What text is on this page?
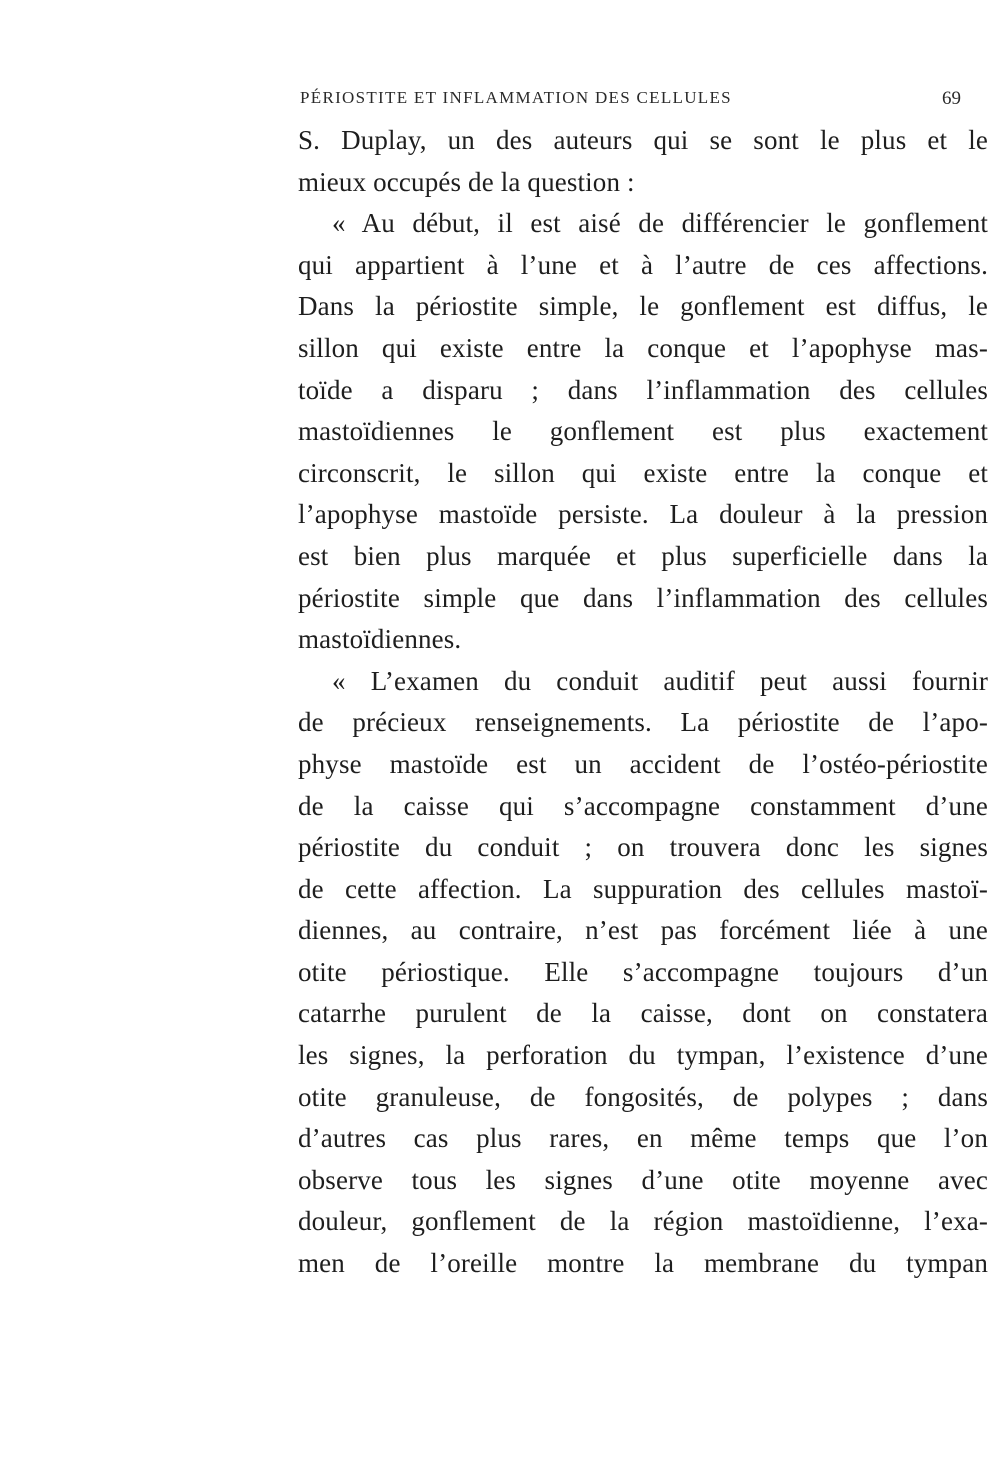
PÉRIOSTITE ET INFLAMMATION DES CELLULES	69
S. Duplay, un des auteurs qui se sont le plus et le
mieux occupés de la question :
« Au début, il est aisé de différencier le gonflement
qui appartient à l’une et à l’autre de ces affections.
Dans la périostite simple, le gonflement est diffus, le
sillon qui existe entre la conque et l’apophyse mas-
toïde a disparu ; dans l’inflammation des cellules
mastoïdiennes le gonflement est plus exactement
circonscrit, le sillon qui existe entre la conque et
l’apophyse mastoïde persiste. La douleur à la pression
est bien plus marquée et plus superficielle dans la
périostite simple que dans l’inflammation des cellules
mastoïdiennes.
« L’examen du conduit auditif peut aussi fournir
de précieux renseignements. La périostite de l’apo-
physe mastoïde est un accident de l’ostéo-périostite
de la caisse qui s’accompagne constamment d’une
périostite du conduit ; on trouvera donc les signes
de cette affection. La suppuration des cellules mastoï-
diennes, au contraire, n’est pas forcément liée à une
otite périostique. Elle s’accompagne toujours d’un
catarrhe purulent de la caisse, dont on constatera
les signes, la perforation du tympan, l’existence d’une
otite granuleuse, de fongosités, de polypes ; dans
d’autres cas plus rares, en même temps que l’on
observe tous les signes d’une otite moyenne avec
douleur, gonflement de la région mastoïdienne, l’exa-
men de l’oreille montre la membrane du tympan
